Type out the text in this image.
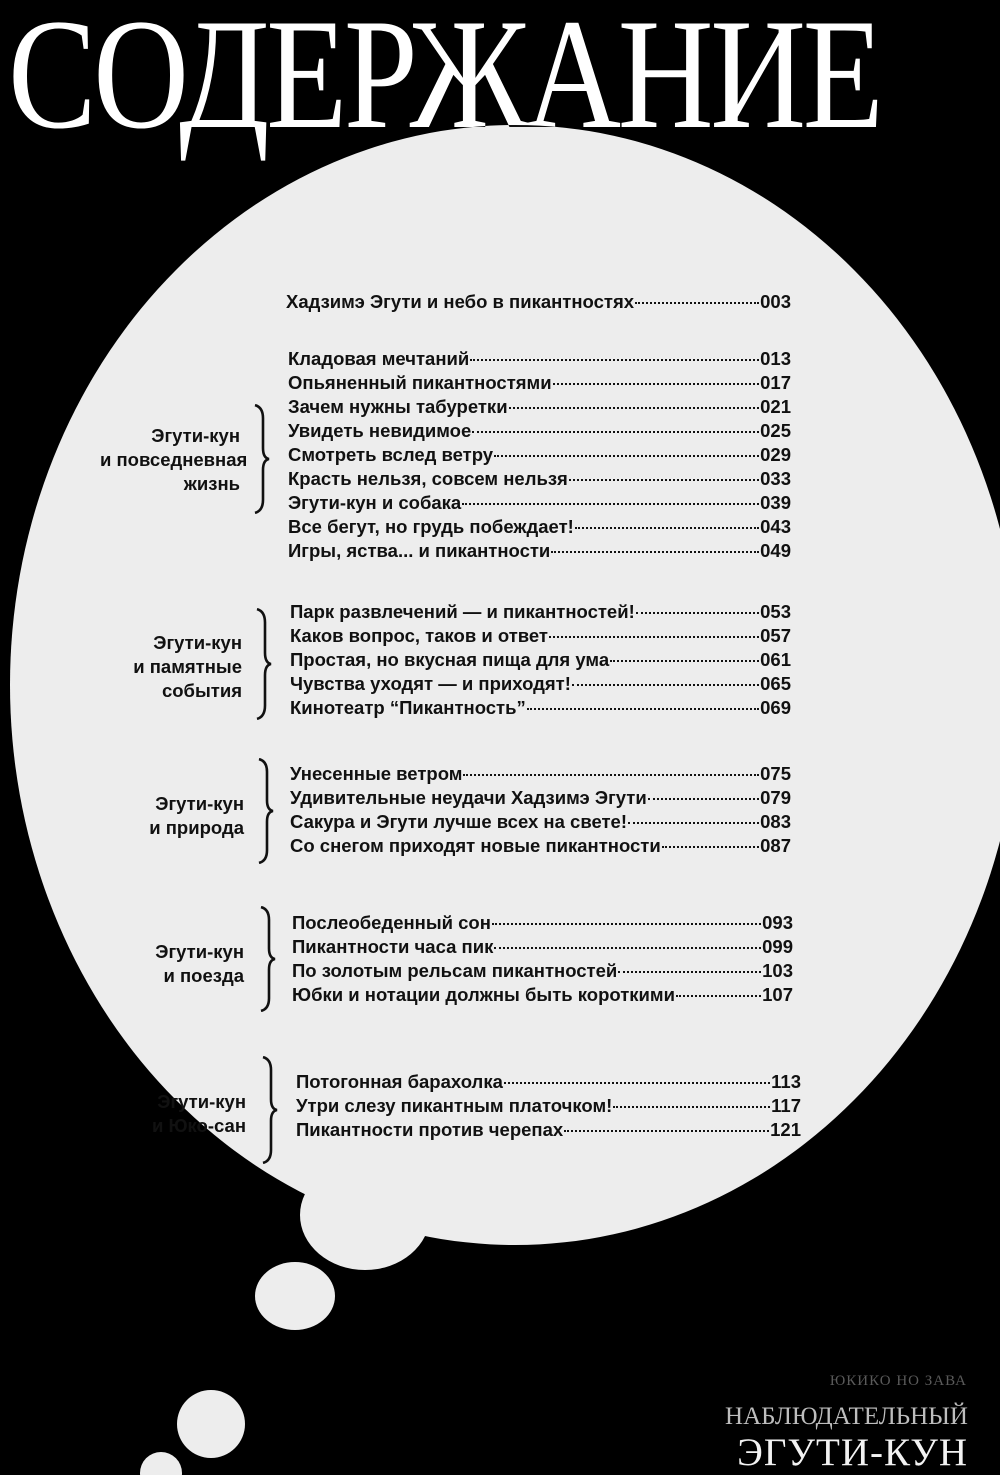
СОДЕРЖАНИЕ
Хадзимэ Эгути и небо в пикантностях	003
Эгути-кун
и повседневная
жизнь
Кладовая мечтаний	013
Опьяненный пикантностями	017
Зачем нужны табуретки	021
Увидеть невидимое	025
Смотреть вслед ветру	029
Красть нельзя, совсем нельзя	033
Эгути-кун и собака	039
Все бегут, но грудь побеждает!	043
Игры, яства... и пикантности	049
Эгути-кун
и памятные
события
Парк развлечений — и пикантностей!	053
Каков вопрос, таков и ответ	057
Простая, но вкусная пища для ума	061
Чувства уходят — и приходят!	065
Кинотеатр “Пикантность”	069
Эгути-кун
и природа
Унесенные ветром	075
Удивительные неудачи Хадзимэ Эгути	079
Сакура и Эгути лучше всех на свете!	083
Со снегом приходят новые пикантности	087
Эгути-кун
и поезда
Послеобеденный сон	093
Пикантности часа пик	099
По золотым рельсам пикантностей	103
Юбки и нотации должны быть короткими	107
Эгути-кун
и Юко-сан
Потогонная барахолка	113
Утри слезу пикантным платочком!	117
Пикантности против черепах	121
ЮКИКО НО ЗАВА
НАБЛЮДАТЕЛЬНЫЙ
ЭГУТИ-КУН
